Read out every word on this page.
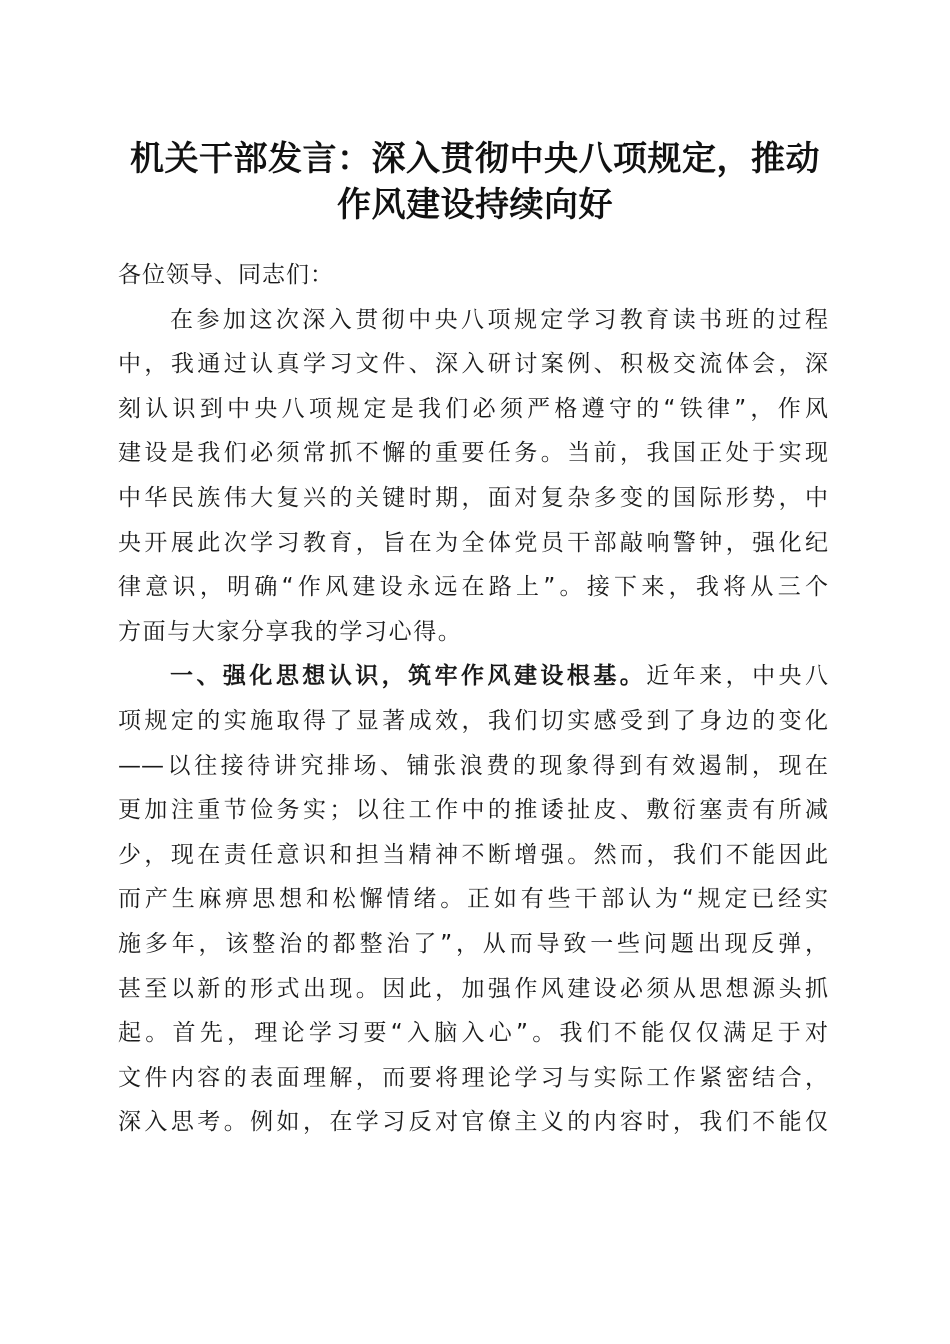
机关干部发言：深入贯彻中央八项规定，推动
作风建设持续向好

各位领导、同志们：

在参加这次深入贯彻中央八项规定学习教育读书班的过程
中，我通过认真学习文件、深入研讨案例、积极交流体会，深
刻认识到中央八项规定是我们必须严格遵守的“铁律”，作风
建设是我们必须常抓不懈的重要任务。当前，我国正处于实现
中华民族伟大复兴的关键时期，面对复杂多变的国际形势，中
央开展此次学习教育，旨在为全体党员干部敲响警钟，强化纪
律意识，明确“作风建设永远在路上”。接下来，我将从三个
方面与大家分享我的学习心得。

一、强化思想认识，筑牢作风建设根基。近年来，中央八
项规定的实施取得了显著成效，我们切实感受到了身边的变化
——以往接待讲究排场、铺张浪费的现象得到有效遏制，现在
更加注重节俭务实；以往工作中的推诿扯皮、敷衍塞责有所减
少，现在责任意识和担当精神不断增强。然而，我们不能因此
而产生麻痹思想和松懈情绪。正如有些干部认为“规定已经实
施多年，该整治的都整治了”，从而导致一些问题出现反弹，
甚至以新的形式出现。因此，加强作风建设必须从思想源头抓
起。首先，理论学习要“入脑入心”。我们不能仅仅满足于对
文件内容的表面理解，而要将理论学习与实际工作紧密结合，
深入思考。例如，在学习反对官僚主义的内容时，我们不能仅
